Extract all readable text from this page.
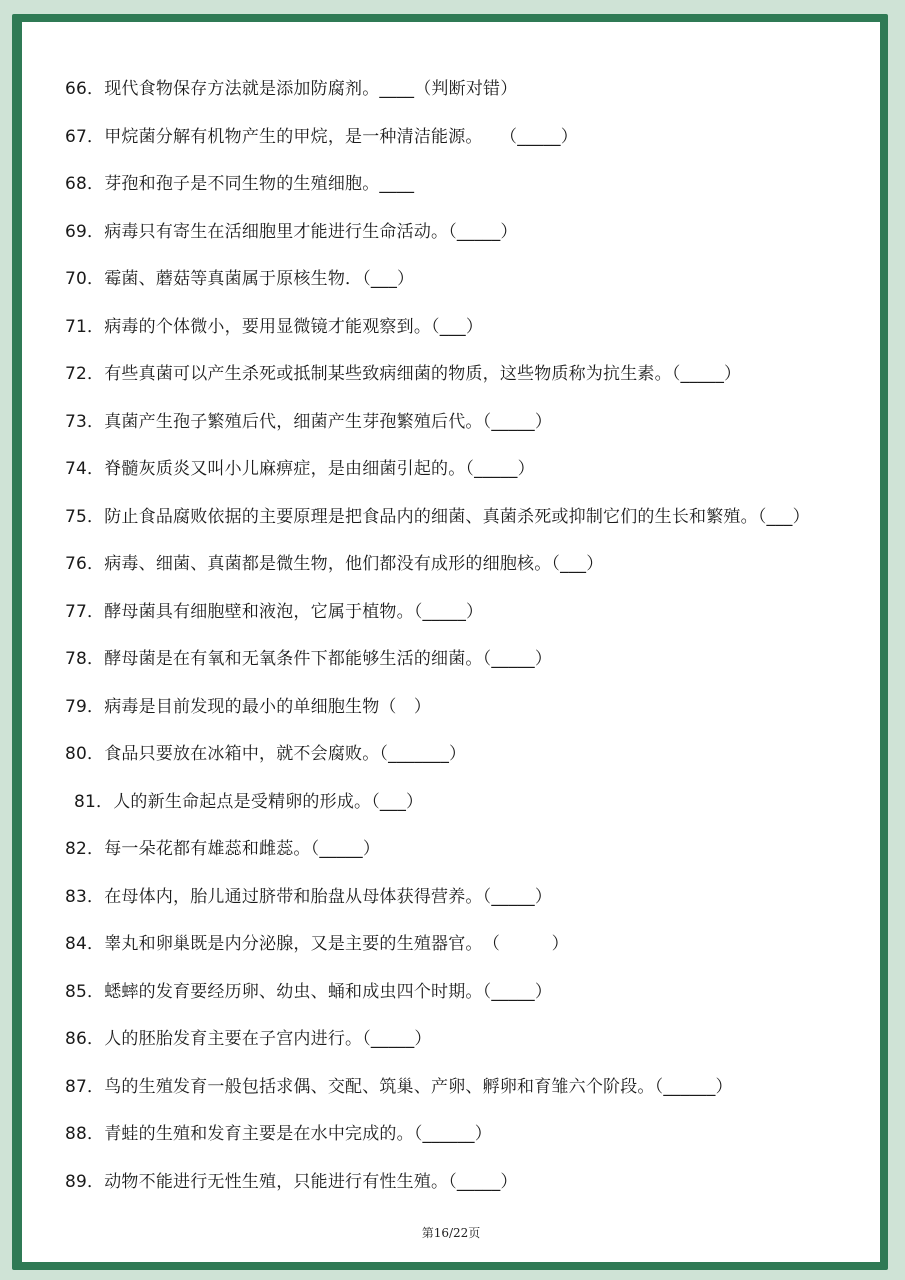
66．现代食物保存方法就是添加防腐剂。____（判断对错）
67．甲烷菌分解有机物产生的甲烷，是一种清洁能源。　　（_____）
68．芽孢和孢子是不同生物的生殖细胞。____
69．病毒只有寄生在活细胞里才能进行生命活动。（_____）
70．霉菌、蘑菇等真菌属于原核生物．（___）
71．病毒的个体微小，要用显微镜才能观察到。（___）
72．有些真菌可以产生杀死或抵制某些致病细菌的物质，这些物质称为抗生素。（_____）
73．真菌产生孢子繁殖后代，细菌产生芽孢繁殖后代。（_____）
74．脊髓灰质炎又叫小儿麻痹症，是由细菌引起的。（_____）
75．防止食品腐败依据的主要原理是把食品内的细菌、真菌杀死或抑制它们的生长和繁殖。（___）
76．病毒、细菌、真菌都是微生物，他们都没有成形的细胞核。（___）
77．酵母菌具有细胞壁和液泡，它属于植物。（_____）
78．酵母菌是在有氧和无氧条件下都能够生活的细菌。（_____）
79．病毒是目前发现的最小的单细胞生物（　）
80．食品只要放在冰箱中，就不会腐败。（_______）
81．人的新生命起点是受精卵的形成。（___）
82．每一朵花都有雄蕊和雌蕊。（_____）
83．在母体内，胎儿通过脐带和胎盘从母体获得营养。（_____）
84．睾丸和卵巢既是内分泌腺，又是主要的生殖器官。　（　　　）
85．蟋蟀的发育要经历卵、幼虫、蛹和成虫四个时期。（_____）
86．人的胚胎发育主要在子宫内进行。（_____）
87．鸟的生殖发育一般包括求偶、交配、筑巢、产卵、孵卵和育雏六个阶段。（______）
88．青蛙的生殖和发育主要是在水中完成的。（______）
89．动物不能进行无性生殖，只能进行有性生殖。（_____）
第16/22页
